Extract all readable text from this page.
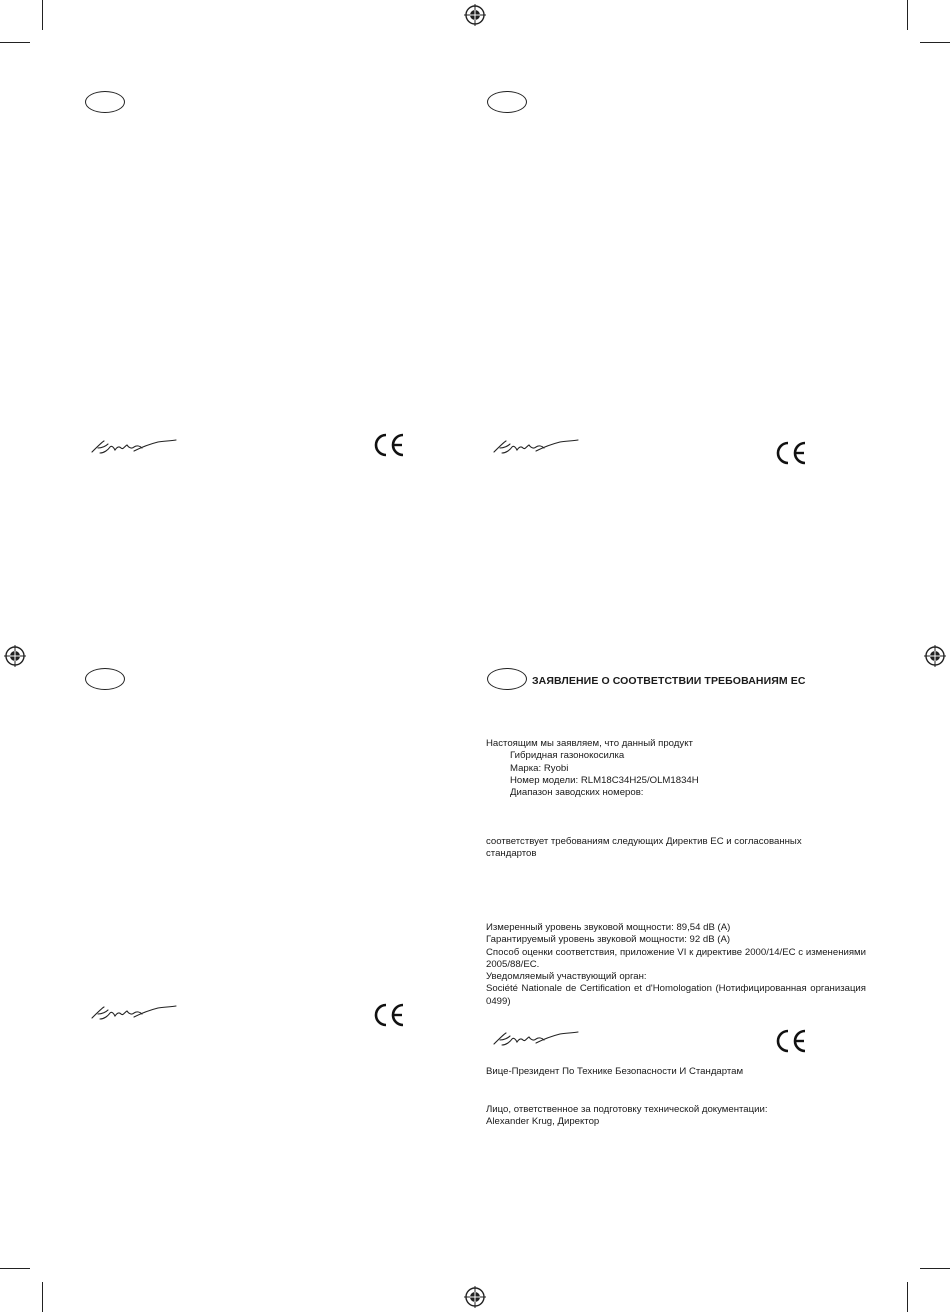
ЗАЯВЛЕНИЕ О СООТВЕТСТВИИ ТРЕБОВАНИЯМ ЕС
Настоящим мы заявляем, что данный продукт
Гибридная газонокосилка
Марка: Ryobi
Номер модели: RLM18C34H25/OLM1834H
Диапазон заводских номеров:
соответствует требованиям следующих Директив ЕС и согласованных
стандартов
Измеренный уровень звуковой мощности: 89,54 dB (A)
Гарантируемый уровень звуковой мощности: 92 dB (A)
Способ оценки соответствия, приложение VI к директиве 2000/14/EC с изменениями 2005/88/EC.
Уведомляемый участвующий орган:
Société Nationale de Certification et d'Homologation (Нотифицированная организация 0499)
Вице-Президент По Технике Безопасности И Стандартам
Лицо, ответственное за подготовку технической документации:
Alexander Krug, Директор
